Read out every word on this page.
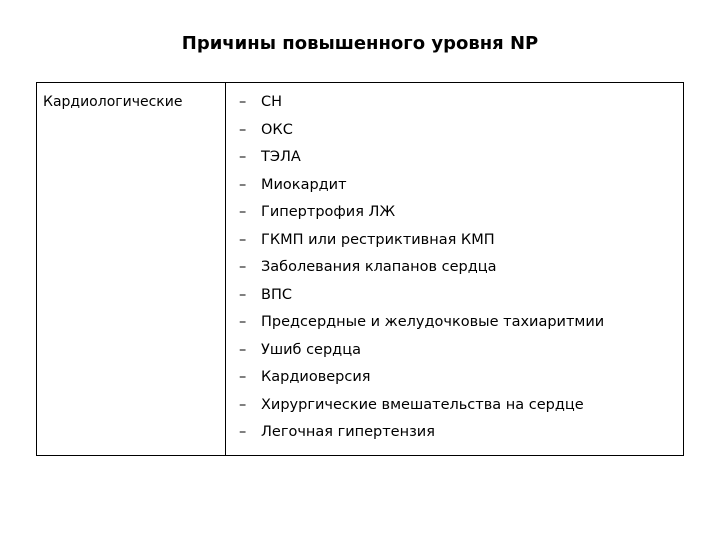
Причины повышенного уровня NP
Кардиологические	–	СН
–	ОКС
–	ТЭЛА
–	Миокардит
–	Гипертрофия ЛЖ
–	ГКМП или рестриктивная КМП
–	Заболевания клапанов сердца
–	ВПС
–	Предсердные и желудочковые тахиаритмии
–	Ушиб сердца
–	Кардиоверсия
–	Хирургические вмешательства на сердце
–	Легочная гипертензия
